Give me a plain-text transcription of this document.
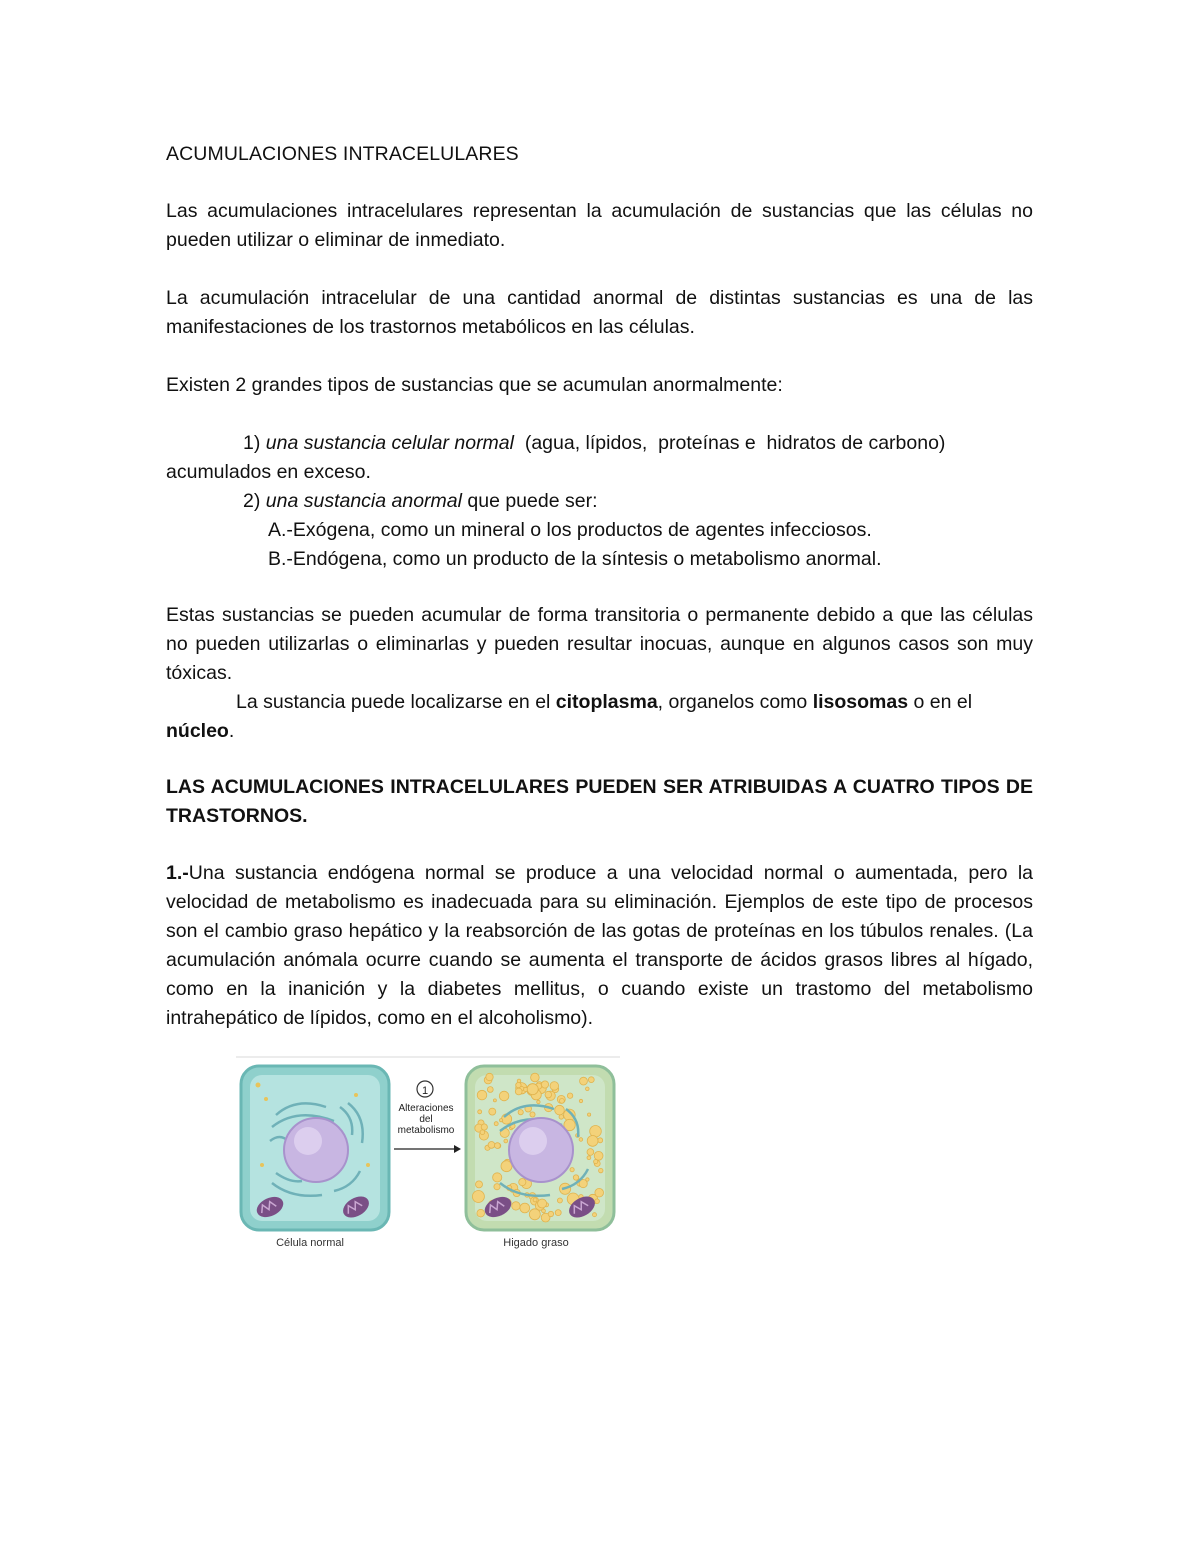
ACUMULACIONES INTRACELULARES
Las acumulaciones intracelulares representan la acumulación de sustancias que las células no pueden utilizar o eliminar de inmediato.
La acumulación intracelular de una cantidad anormal de distintas sustancias es una de las manifestaciones de los trastornos metabólicos en las células.
Existen 2 grandes tipos de sustancias que se acumulan anormalmente:
1) una sustancia celular normal  (agua, lípidos,  proteínas e  hidratos de carbono)
acumulados en exceso.
2) una sustancia anormal que puede ser:
A.-Exógena, como un mineral o los productos de agentes infecciosos.
B.-Endógena, como un producto de la síntesis o metabolismo anormal.
Estas sustancias se pueden acumular de forma transitoria o permanente debido a que las células no pueden utilizarlas o eliminarlas y pueden resultar inocuas, aunque en algunos casos son muy tóxicas.
La sustancia puede localizarse en el citoplasma, organelos como lisosomas o en el
núcleo.
LAS ACUMULACIONES INTRACELULARES PUEDEN SER ATRIBUIDAS A CUATRO TIPOS DE TRASTORNOS.
1.-Una sustancia endógena normal se produce a una velocidad normal o aumentada, pero la velocidad de metabolismo es inadecuada para su eliminación. Ejemplos de este tipo de procesos son el cambio graso hepático y la reabsorción de las gotas de proteínas en los túbulos renales. (La acumulación anómala ocurre cuando se aumenta el transporte de ácidos grasos libres al hígado, como en la inanición y la diabetes mellitus, o cuando existe un trastomo del metabolismo intrahepático de lípidos, como en el alcoholismo).
1
Alteraciones
del
metabolismo
Célula normal	Higado graso
